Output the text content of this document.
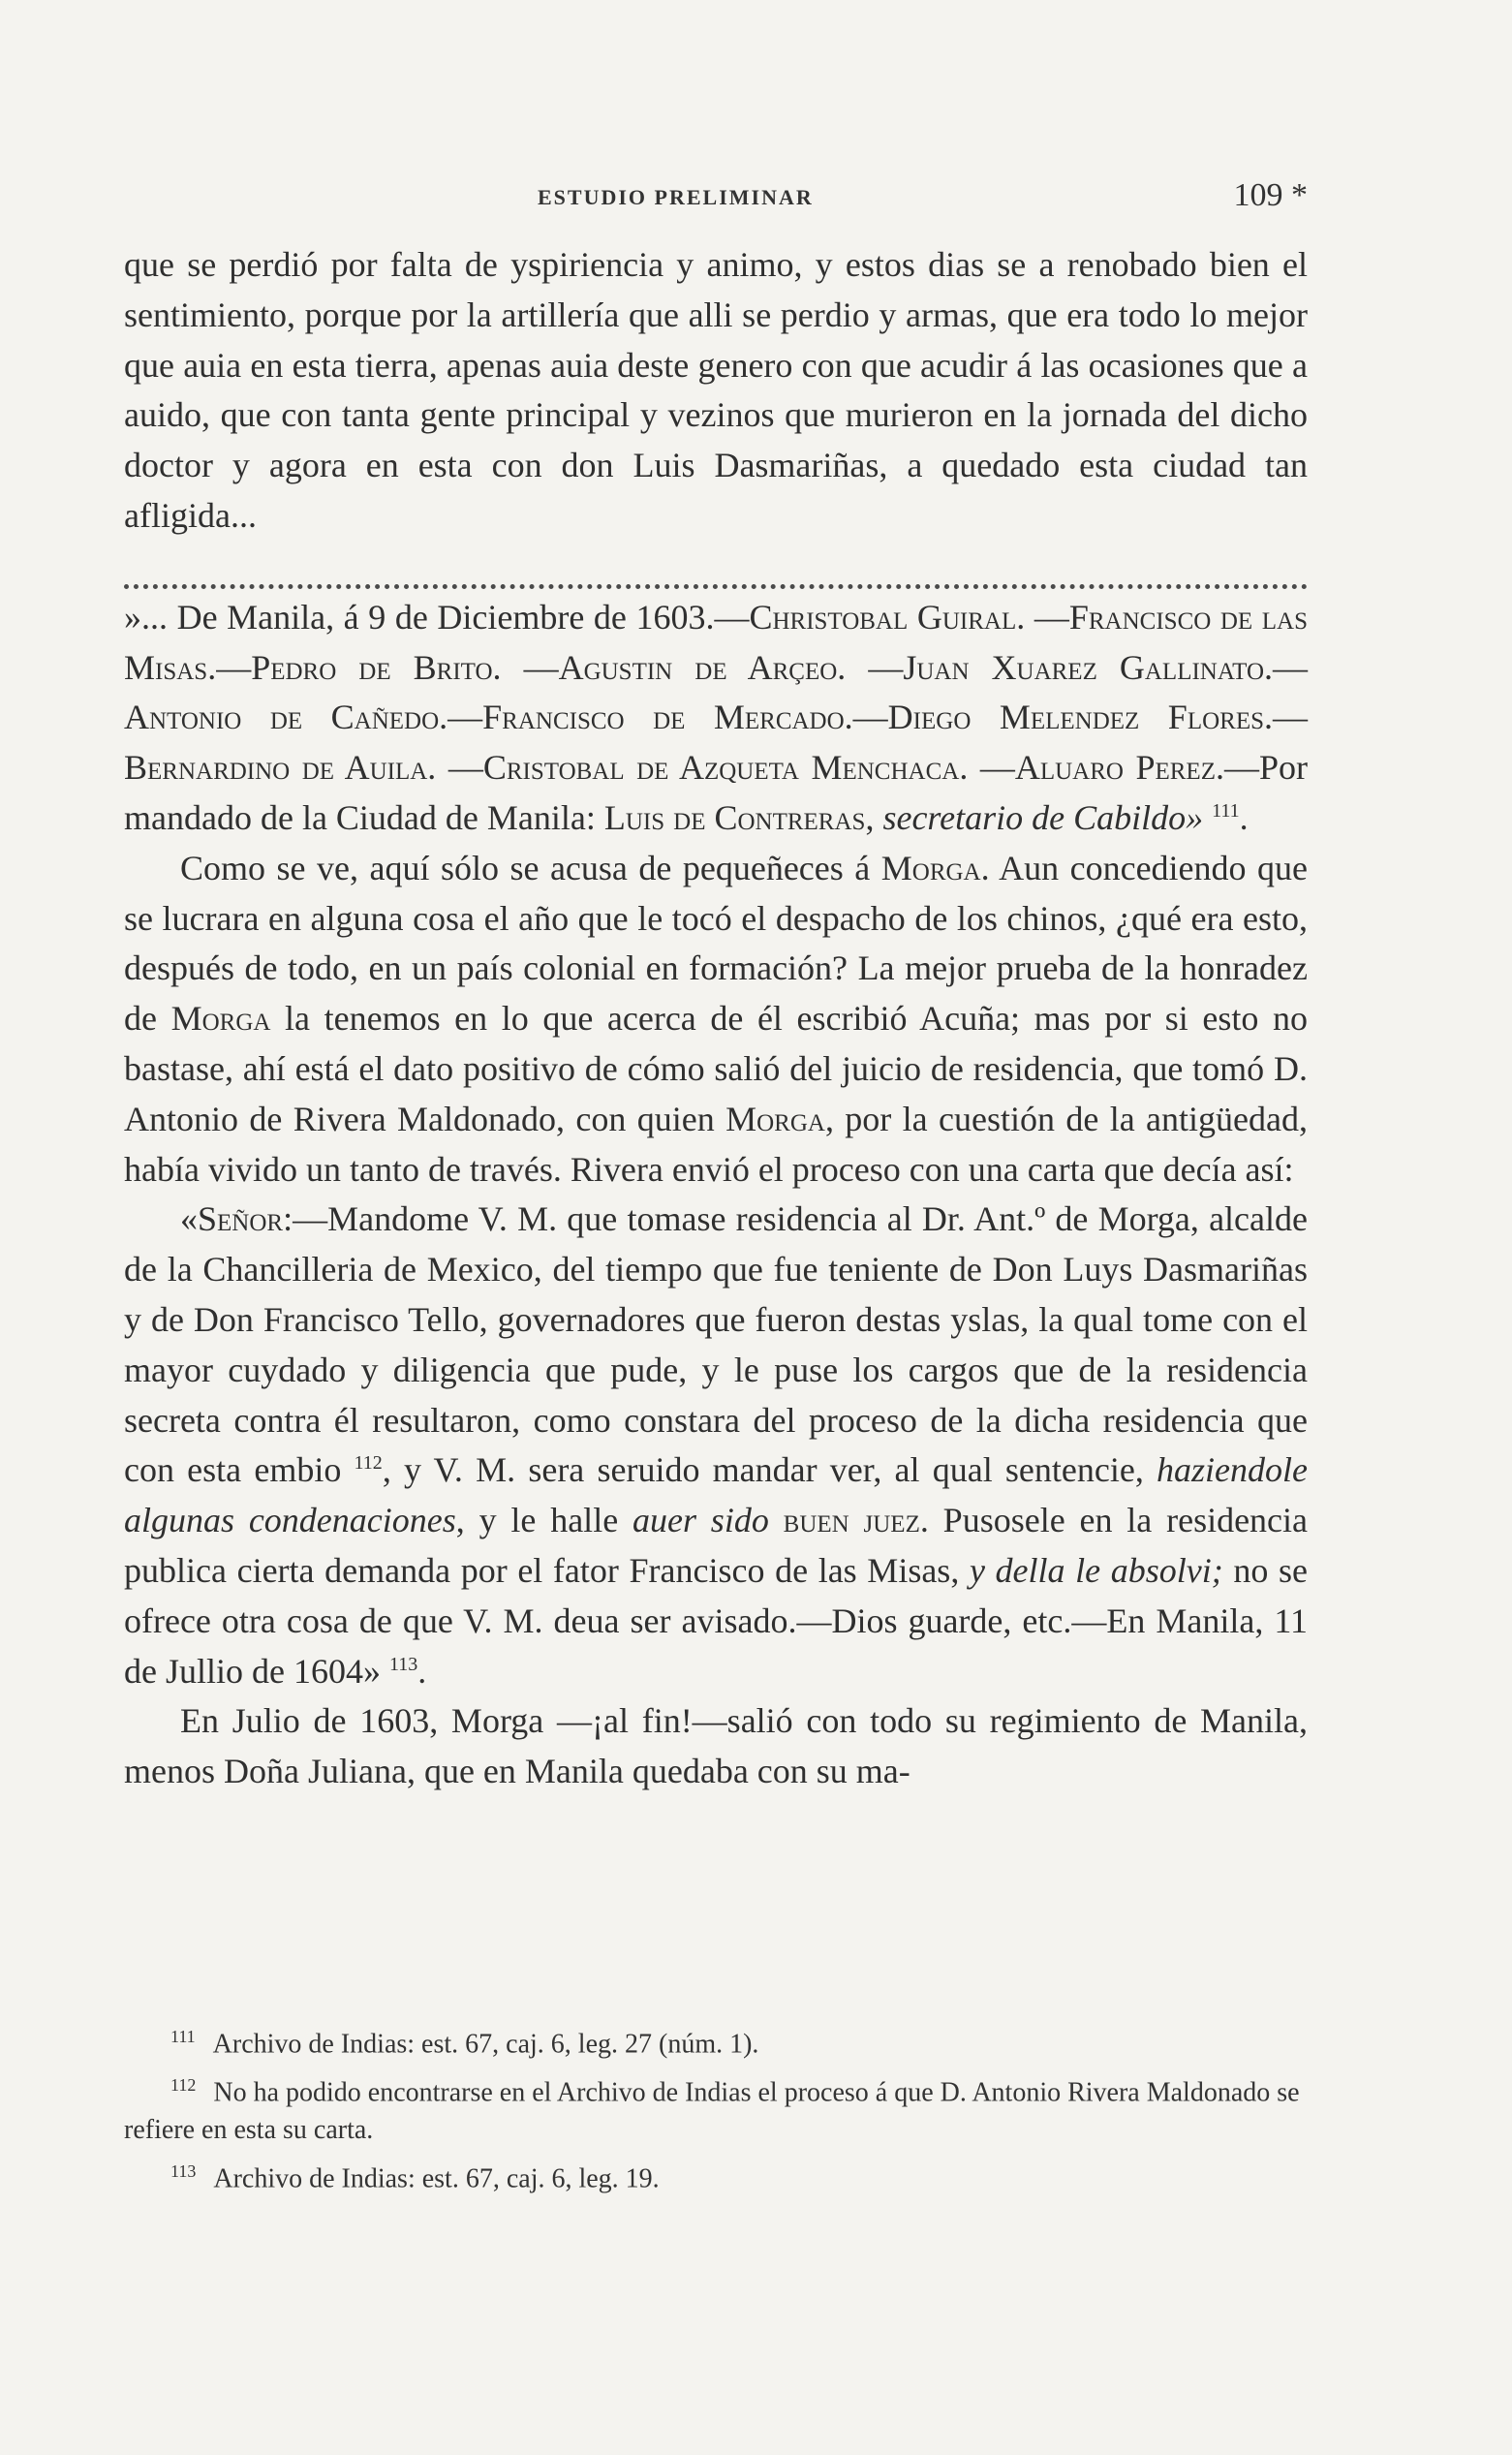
ESTUDIO PRELIMINAR	109 *

que se perdió por falta de yspiriencia y animo, y estos dias se a renobado bien el sentimiento, porque por la artillería que alli se perdio y armas, que era todo lo mejor que auia en esta tierra, apenas auia deste genero con que acudir á las ocasiones que a auido, que con tanta gente principal y vezinos que murieron en la jornada del dicho doctor y agora en esta con don Luis Dasmariñas, a quedado esta ciudad tan afligida...

»... De Manila, á 9 de Diciembre de 1603.—Christobal Guiral. —Francisco de las Misas.—Pedro de Brito. —Agustin de Arçeo. —Juan Xuarez Gallinato.—Antonio de Cañedo.—Francisco de Mercado.—Diego Melendez Flores.—Bernardino de Auila. —Cristobal de Azqueta Menchaca. —Aluaro Perez.—Por mandado de la Ciudad de Manila: Luis de Contreras, secretario de Cabildo» $^{111}$.

Como se ve, aquí sólo se acusa de pequeñeces á Morga. Aun concediendo que se lucrara en alguna cosa el año que le tocó el despacho de los chinos, ¿qué era esto, después de todo, en un país colonial en formación? La mejor prueba de la honradez de Morga la tenemos en lo que acerca de él escribió Acuña; mas por si esto no bastase, ahí está el dato positivo de cómo salió del juicio de residencia, que tomó D. Antonio de Rivera Maldonado, con quien Morga, por la cuestión de la antigüedad, había vivido un tanto de través. Rivera envió el proceso con una carta que decía así:

«Señor:—Mandome V. M. que tomase residencia al Dr. Ant.º de Morga, alcalde de la Chancilleria de Mexico, del tiempo que fue teniente de Don Luys Dasmariñas y de Don Francisco Tello, governadores que fueron destas yslas, la qual tome con el mayor cuydado y diligencia que pude, y le puse los cargos que de la residencia secreta contra él resultaron, como constara del proceso de la dicha residencia que con esta embio $^{112}$, y V. M. sera seruido mandar ver, al qual sentencie, haziendole algunas condenaciones, y le halle auer sido buen juez. Pusosele en la residencia publica cierta demanda por el fator Francisco de las Misas, y della le absolvi; no se ofrece otra cosa de que V. M. deua ser avisado.—Dios guarde, etc.—En Manila, 11 de Jullio de 1604» $^{113}$.

En Julio de 1603, Morga —¡al fin!—salió con todo su regimiento de Manila, menos Doña Juliana, que en Manila quedaba con su ma-

$^{111}$ Archivo de Indias: est. 67, caj. 6, leg. 27 (núm. 1).

$^{112}$ No ha podido encontrarse en el Archivo de Indias el proceso á que D. Antonio Rivera Maldonado se refiere en esta su carta.

$^{113}$ Archivo de Indias: est. 67, caj. 6, leg. 19.
